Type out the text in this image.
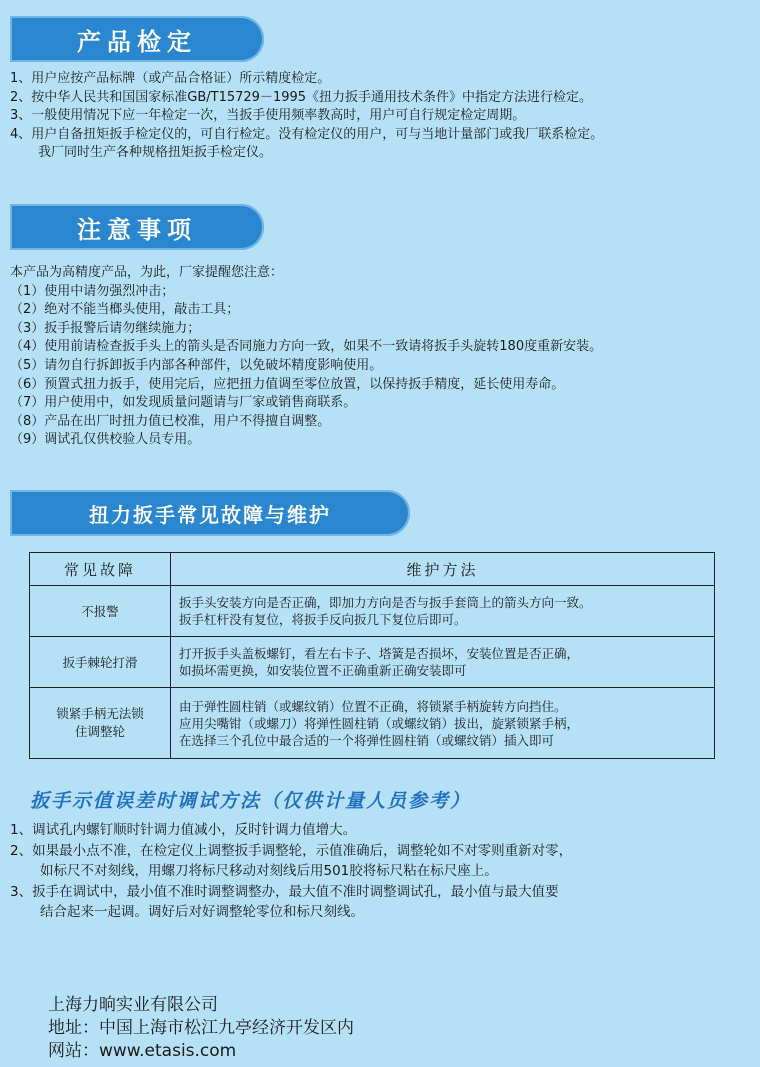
产品检定
1、用户应按产品标牌（或产品合格证）所示精度检定。
2、按中华人民共和国国家标准GB/T15729－1995《扭力扳手通用技术条件》中指定方法进行检定。
3、一般使用情况下应一年检定一次，当扳手使用频率教高时，用户可自行规定检定周期。
4、用户自备扭矩扳手检定仪的，可自行检定。没有检定仪的用户，可与当地计量部门或我厂联系检定。
我厂同时生产各种规格扭矩扳手检定仪。
注意事项
本产品为高精度产品，为此，厂家提醒您注意：
（1）使用中请勿强烈冲击；
（2）绝对不能当榔头使用，敲击工具；
（3）扳手报警后请勿继续施力；
（4）使用前请检查扳手头上的箭头是否同施力方向一致，如果不一致请将扳手头旋转180度重新安装。
（5）请勿自行拆卸扳手内部各种部件，以免破坏精度影响使用。
（6）预置式扭力扳手，使用完后，应把扭力值调至零位放置，以保持扳手精度，延长使用寿命。
（7）用户使用中，如发现质量问题请与厂家或销售商联系。
（8）产品在出厂时扭力值已校准，用户不得擅自调整。
（9）调试孔仅供校验人员专用。
扭力扳手常见故障与维护
常见故障	维护方法
不报警	扳手头安装方向是否正确，即加力方向是否与扳手套筒上的箭头方向一致。
扳手杠杆没有复位，将扳手反向扳几下复位后即可。

扳手棘轮打滑	打开扳手头盖板螺钉，看左右卡子、塔簧是否损坏，安装位置是否正确，
如损坏需更换，如安装位置不正确重新正确安装即可

锁紧手柄无法锁住调整轮	由于弹性圆柱销（或螺纹销）位置不正确，将锁紧手柄旋转方向挡住。
应用尖嘴钳（或螺刀）将弹性圆柱销（或螺纹销）拔出，旋紧锁紧手柄，
在选择三个孔位中最合适的一个将弹性圆柱销（或螺纹销）插入即可
扳手示值误差时调试方法（仅供计量人员参考）
1、调试孔内螺钉顺时针调力值减小，反时针调力值增大。
2、如果最小点不准，在检定仪上调整扳手调整轮，示值准确后，调整轮如不对零则重新对零，
如标尺不对刻线，用螺刀将标尺移动对刻线后用501胶将标尺粘在标尺座上。
3、扳手在调试中，最小值不准时调整调整办，最大值不准时调整调试孔，最小值与最大值要
结合起来一起调。调好后对好调整轮零位和标尺刻线。
上海力晌实业有限公司
地址：中国上海市松江九亭经济开发区内
网站：www.etasis.com
